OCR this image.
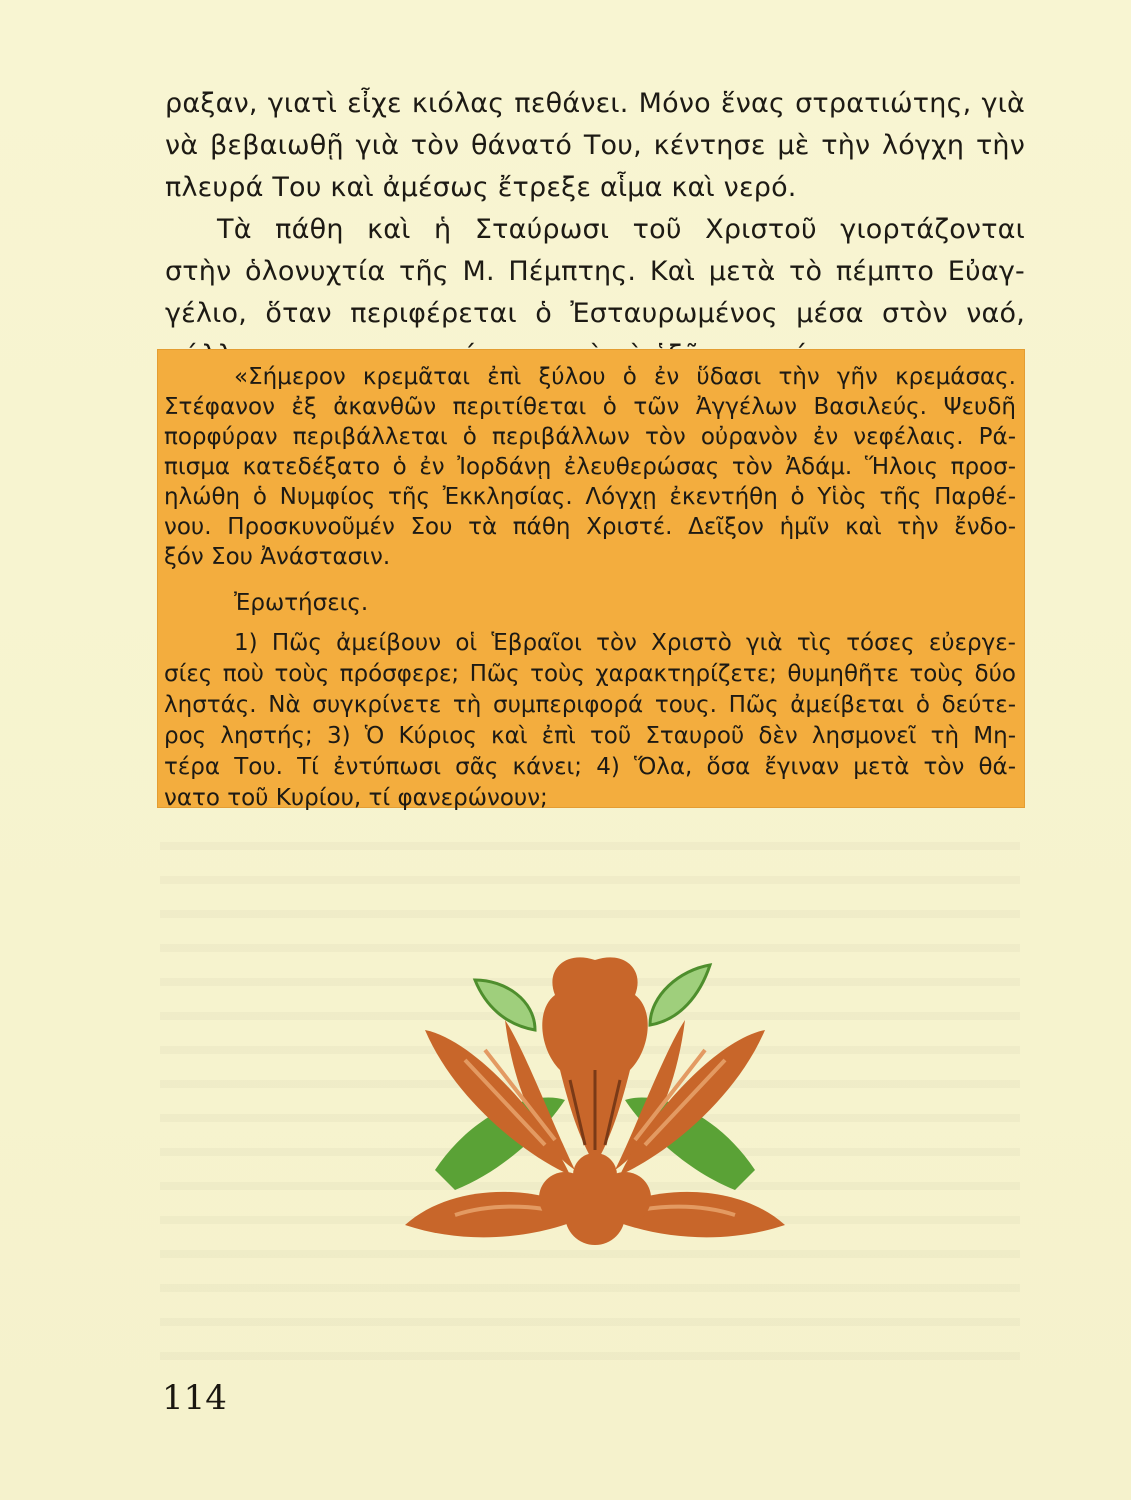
ραξαν, γιατὶ εἶχε κιόλας πεθάνει. Μόνο ἕνας στρατιώτης, γιὰ
νὰ βεβαιωθῇ γιὰ τὸν θάνατό Του, κέντησε μὲ τὴν λόγχη τὴν
πλευρά Του καὶ ἀμέσως ἔτρεξε αἷμα καὶ νερό.
Τὰ πάθη καὶ ἡ Σταύρωσι τοῦ Χριστοῦ γιορτάζονται
στὴν ὁλονυχτία τῆς Μ. Πέμπτης. Καὶ μετὰ τὸ πέμπτο Εὐαγ-
γέλιο, ὅταν περιφέρεται ὁ Ἐσταυρωμένος μέσα στὸν ναό,
«Σήμερον κρεμᾶται ἐπὶ ξύλου ὁ ἐν ὕδασι τὴν γῆν κρεμάσας.
Στέφανον ἐξ ἀκανθῶν περιτίθεται ὁ τῶν Ἀγγέλων Βασιλεύς. Ψευδῆ
πορφύραν περιβάλλεται ὁ περιβάλλων τὸν οὐρανὸν ἐν νεφέλαις. Ρά-
πισμα κατεδέξατο ὁ ἐν Ἰορδάνῃ ἐλευθερώσας τὸν Ἀδάμ. Ἥλοις προσ-
ηλώθη ὁ Νυμφίος τῆς Ἐκκλησίας. Λόγχῃ ἐκεντήθη ὁ Υἱὸς τῆς Παρθέ-
νου. Προσκυνοῦμέν Σου τὰ πάθη Χριστέ. Δεῖξον ἡμῖν καὶ τὴν ἔνδο-
ξόν Σου Ἀνάστασιν.
Ἐρωτήσεις.
1) Πῶς ἀμείβουν οἱ Ἑβραῖοι τὸν Χριστὸ γιὰ τὶς τόσες εὐεργε-
σίες ποὺ τοὺς πρόσφερε; Πῶς τοὺς χαρακτηρίζετε; θυμηθῆτε τοὺς δύο
ληστάς. Νὰ συγκρίνετε τὴ συμπεριφορά τους. Πῶς ἀμείβεται ὁ δεύτε-
ρος ληστής; 3) Ὁ Κύριος καὶ ἐπὶ τοῦ Σταυροῦ δὲν λησμονεῖ τὴ Μη-
τέρα Του. Τί ἐντύπωσι σᾶς κάνει; 4) Ὅλα, ὅσα ἔγιναν μετὰ τὸν θά-
νατο τοῦ Κυρίου, τί φανερώνουν;
114
